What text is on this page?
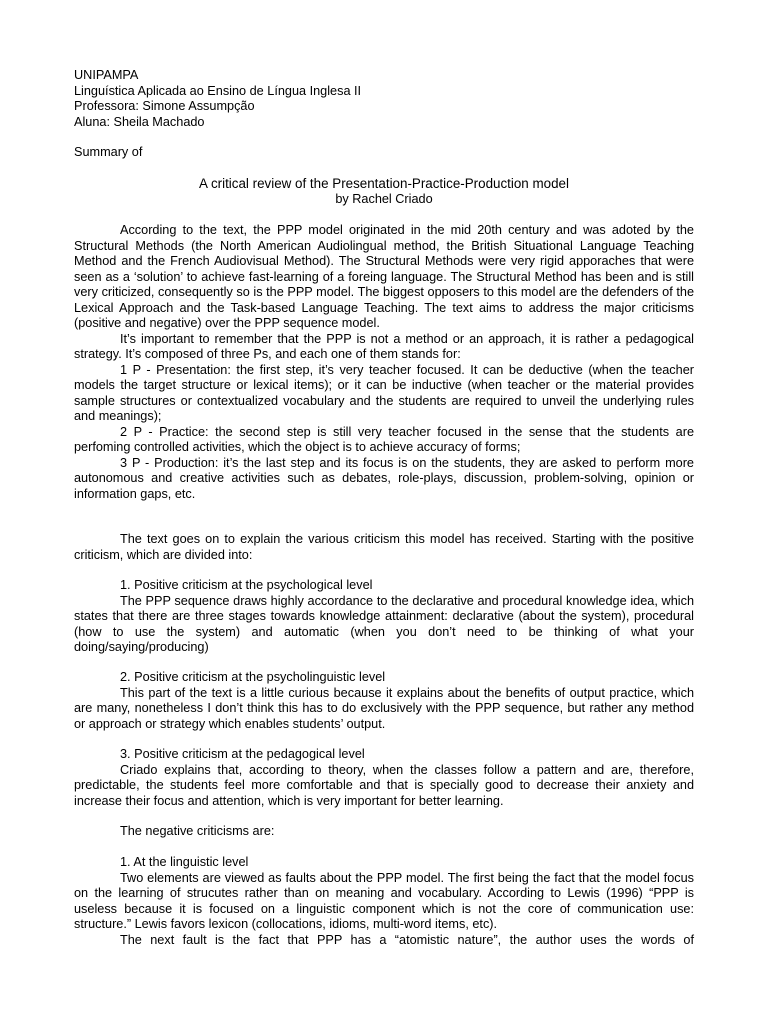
UNIPAMPA
Linguística Aplicada ao Ensino de Língua Inglesa II
Professora: Simone Assumpção
Aluna: Sheila Machado
Summary of
A critical review of the Presentation-Practice-Production model
by Rachel Criado

According to the text, the PPP model originated in the mid 20th century and was adoted by the Structural Methods (the North American Audiolingual method, the British Situational Language Teaching Method and the French Audiovisual Method). The Structural Methods were very rigid apporaches that were seen as a ‘solution’ to achieve fast-learning of a foreing language. The Structural Method has been and is still very criticized, consequently so is the PPP model. The biggest opposers to this model are the defenders of the Lexical Approach and the Task-based Language Teaching. The text aims to address the major criticisms (positive and negative) over the PPP sequence model.

It’s important to remember that the PPP is not a method or an approach, it is rather a pedagogical strategy. It’s composed of three Ps, and each one of them stands for:

1 P - Presentation: the first step, it’s very teacher focused. It can be deductive (when the teacher models the target structure or lexical items); or it can be inductive (when teacher or the material provides sample structures or contextualized vocabulary and the students are required to unveil the underlying rules and meanings);

2 P - Practice: the second step is still very teacher focused in the sense that the students are perfoming controlled activities, which the object is to achieve accuracy of forms;

3 P - Production: it’s the last step and its focus is on the students, they are asked to perform more autonomous and creative activities such as debates, role-plays, discussion, problem-solving, opinion or information gaps, etc.

The text goes on to explain the various criticism this model has received. Starting with the positive criticism, which are divided into:

1. Positive criticism at the psychological level

The PPP sequence draws highly accordance to the declarative and procedural knowledge idea, which states that there are three stages towards knowledge attainment: declarative (about the system), procedural (how to use the system) and automatic (when you don’t need to be thinking of what your doing/saying/producing)

2. Positive criticism at the psycholinguistic level

This part of the text is a little curious because it explains about the benefits of output practice, which are many, nonetheless I don’t think this has to do exclusively with the PPP sequence, but rather any method or approach or strategy which enables students’ output.

3. Positive criticism at the pedagogical level

Criado explains that, according to theory, when the classes follow a pattern and are, therefore, predictable, the students feel more comfortable and that is specially good to decrease their anxiety and increase their focus and attention, which is very important for better learning.

The negative criticisms are:

1. At the linguistic level

Two elements are viewed as faults about the PPP model. The first being the fact that the model focus on the learning of strucutes rather than on meaning and vocabulary. According to Lewis (1996) “PPP is useless because it is focused on a linguistic component which is not the core of communication use: structure.” Lewis favors lexicon (collocations, idioms, multi-word items, etc).

The next fault is the fact that PPP has a “atomistic nature”, the author uses the words of
